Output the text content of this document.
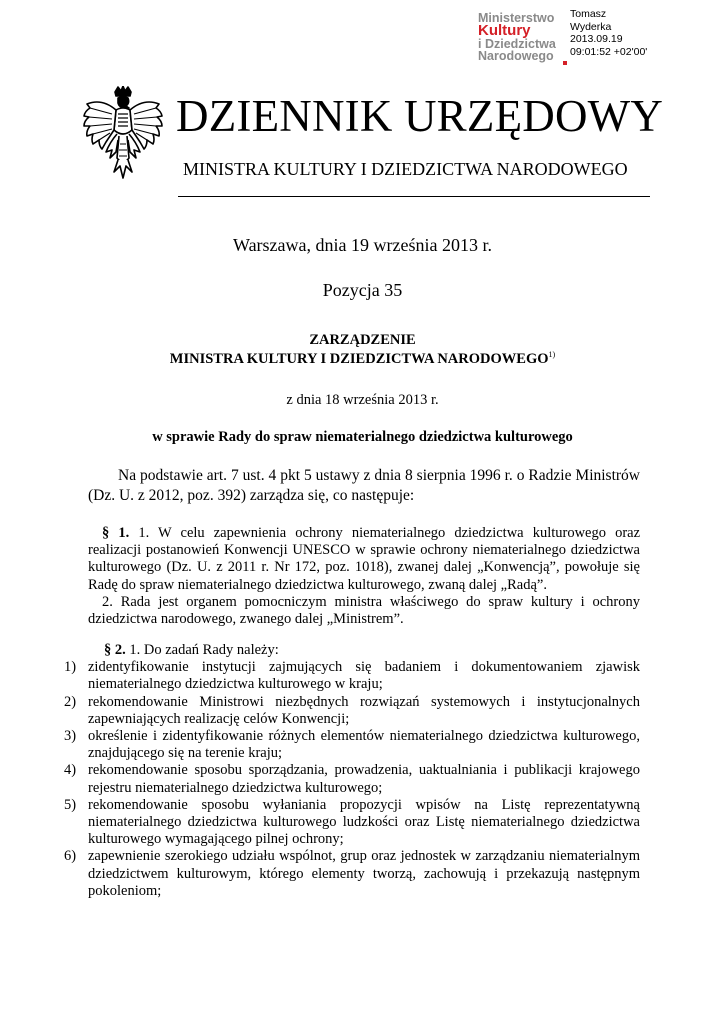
Ministerstwo
Kultury
i Dziedzictwa
Narodowego
Tomasz
Wyderka
2013.09.19
09:01:52 +02'00'
DZIENNIK URZĘDOWY
MINISTRA KULTURY I DZIEDZICTWA NARODOWEGO
Warszawa, dnia 19 września 2013 r.
Pozycja 35
ZARZĄDZENIE
MINISTRA KULTURY I DZIEDZICTWA NARODOWEGO$^{1)}$
z dnia 18 września 2013 r.
w sprawie Rady do spraw niematerialnego dziedzictwa kulturowego
Na podstawie art. 7 ust. 4 pkt 5 ustawy z dnia 8 sierpnia 1996 r. o Radzie Ministrów (Dz. U. z 2012, poz. 392) zarządza się, co następuje:
§ 1. 1. W celu zapewnienia ochrony niematerialnego dziedzictwa kulturowego oraz realizacji postanowień Konwencji UNESCO w sprawie ochrony niematerialnego dziedzictwa kulturowego (Dz. U. z 2011 r. Nr 172, poz. 1018), zwanej dalej „Konwencją”, powołuje się Radę do spraw niematerialnego dziedzictwa kulturowego, zwaną dalej „Radą”.
2. Rada jest organem pomocniczym ministra właściwego do spraw kultury i ochrony dziedzictwa narodowego, zwanego dalej „Ministrem”.
§ 2. 1. Do zadań Rady należy:
1) zidentyfikowanie instytucji zajmujących się badaniem i dokumentowaniem zjawisk niematerialnego dziedzictwa kulturowego w kraju;
2) rekomendowanie Ministrowi niezbędnych rozwiązań systemowych i instytucjonalnych zapewniających realizację celów Konwencji;
3) określenie i zidentyfikowanie różnych elementów niematerialnego dziedzictwa kulturowego, znajdującego się na terenie kraju;
4) rekomendowanie sposobu sporządzania, prowadzenia, uaktualniania i publikacji krajowego rejestru niematerialnego dziedzictwa kulturowego;
5) rekomendowanie sposobu wyłaniania propozycji wpisów na Listę reprezentatywną niematerialnego dziedzictwa kulturowego ludzkości oraz Listę niematerialnego dziedzictwa kulturowego wymagającego pilnej ochrony;
6) zapewnienie szerokiego udziału wspólnot, grup oraz jednostek w zarządzaniu niematerialnym dziedzictwem kulturowym, którego elementy tworzą, zachowują i przekazują następnym pokoleniom;
